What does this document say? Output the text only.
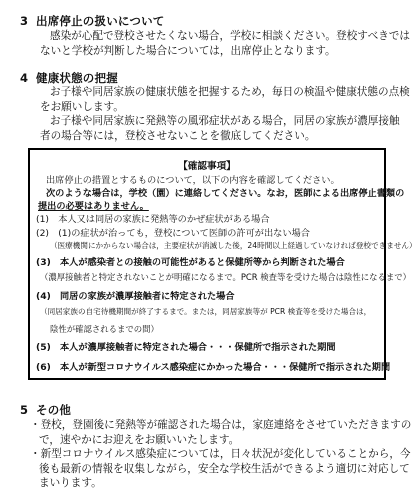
3 出席停止の扱いについて

感染が心配で登校させたくない場合，学校に相談ください。登校すべきではないと学校が判断した場合については，出席停止となります。

4 健康状態の把握

お子様や同居家族の健康状態を把握するため，毎日の検温や健康状態の点検をお願いします。

お子様や同居家族に発熱等の風邪症状がある場合，同居の家族が濃厚接触者の場合等には，登校させないことを徹底してください。

【確認事項】

出席停止の措置とするものについて，以下の内容を確認してください。

次のような場合は，学校（園）に連絡してください。なお，医師による出席停止書類の

提出の必要はありません。

(1)　本人又は同居の家族に発熱等のかぜ症状がある場合

(2)　(1)の症状が治っても，登校について医師の許可が出ない場合

（医療機関にかからない場合は，主要症状が消滅した後，24時間以上経過していなければ登校できません）

(3)　本人が感染者との接触の可能性があると保健所等から判断された場合

（濃厚接触者と特定されないことが明確になるまで。PCR 検査等を受けた場合は陰性になるまで）

(4)　同居の家族が濃厚接触者に特定された場合

（同居家族の自宅待機期間が終了するまで。または，同居家族等が PCR 検査等を受けた場合は，

陰性が確認されるまでの間）

(5)　本人が濃厚接触者に特定された場合・・・保健所で指示された期間

(6)　本人が新型コロナウイルス感染症にかかった場合・・・保健所で指示された期間

5 その他

・登校，登園後に発熱等が確認された場合は，家庭連絡をさせていただきますので，速やかにお迎えをお願いいたします。

・新型コロナウイルス感染症については，日々状況が変化していることから，今後も最新の情報を収集しながら，安全な学校生活ができるよう適切に対応してまいります。
